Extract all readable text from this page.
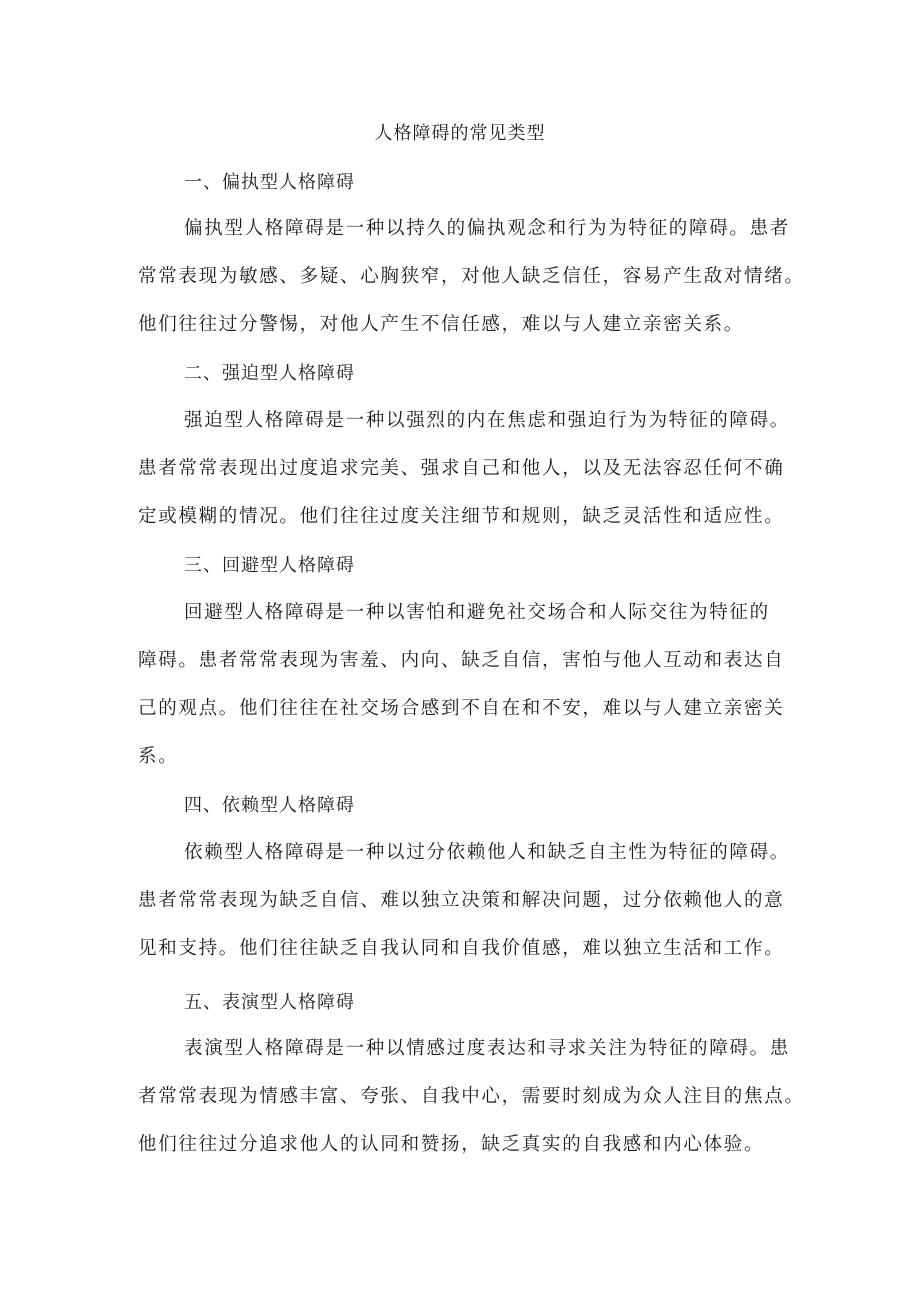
人格障碍的常见类型
一、偏执型人格障碍

偏执型人格障碍是一种以持久的偏执观念和行为为特征的障碍。患者

常常表现为敏感、多疑、心胸狭窄，对他人缺乏信任，容易产生敌对情绪。

他们往往过分警惕，对他人产生不信任感，难以与人建立亲密关系。

二、强迫型人格障碍

强迫型人格障碍是一种以强烈的内在焦虑和强迫行为为特征的障碍。

患者常常表现出过度追求完美、强求自己和他人，以及无法容忍任何不确

定或模糊的情况。他们往往过度关注细节和规则，缺乏灵活性和适应性。

三、回避型人格障碍

回避型人格障碍是一种以害怕和避免社交场合和人际交往为特征的

障碍。患者常常表现为害羞、内向、缺乏自信，害怕与他人互动和表达自

己的观点。他们往往在社交场合感到不自在和不安，难以与人建立亲密关

系。

四、依赖型人格障碍

依赖型人格障碍是一种以过分依赖他人和缺乏自主性为特征的障碍。

患者常常表现为缺乏自信、难以独立决策和解决问题，过分依赖他人的意

见和支持。他们往往缺乏自我认同和自我价值感，难以独立生活和工作。

五、表演型人格障碍

表演型人格障碍是一种以情感过度表达和寻求关注为特征的障碍。患

者常常表现为情感丰富、夸张、自我中心，需要时刻成为众人注目的焦点。

他们往往过分追求他人的认同和赞扬，缺乏真实的自我感和内心体验。
